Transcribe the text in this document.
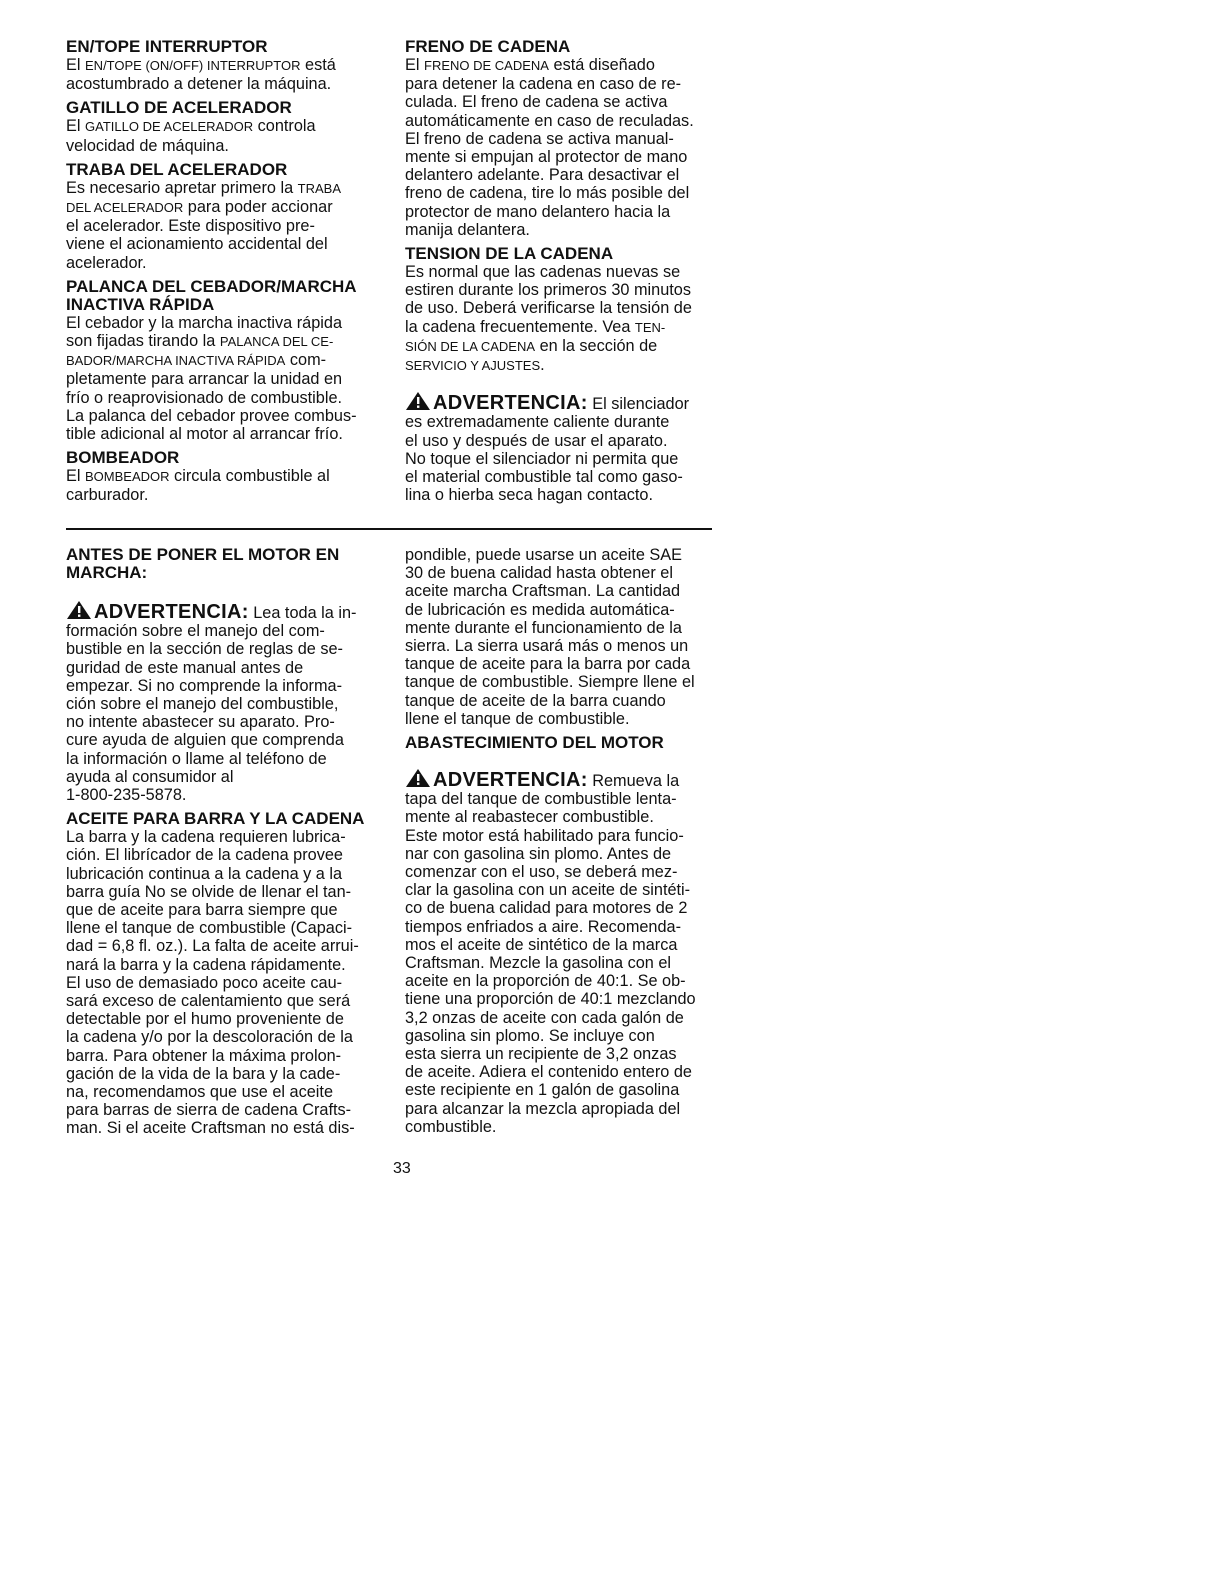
EN/TOPE INTERRUPTOR
El EN/TOPE (ON/OFF) INTERRUPTOR está
acostumbrado a detener la máquina.
GATILLO DE ACELERADOR
El GATILLO DE ACELERADOR controla
velocidad de máquina.
TRABA DEL ACELERADOR
Es necesario apretar primero la TRABA
DEL ACELERADOR para poder accionar
el acelerador. Este dispositivo pre-
viene el acionamiento accidental del
acelerador.
PALANCA DEL CEBADOR/MARCHA
INACTIVA RÁPIDA
El cebador y la marcha inactiva rápida
son fijadas tirando la PALANCA DEL CE-
BADOR/MARCHA INACTIVA RÁPIDA com-
pletamente para arrancar la unidad en
frío o reaprovisionado de combustible.
La palanca del cebador provee combus-
tible adicional al motor al arrancar frío.
BOMBEADOR
El BOMBEADOR circula combustible al
carburador.
FRENO DE CADENA
El FRENO DE CADENA está diseñado
para detener la cadena en caso de re-
culada. El freno de cadena se activa
automáticamente en caso de reculadas.
El freno de cadena se activa manual-
mente si empujan al protector de mano
delantero adelante. Para desactivar el
freno de cadena, tire lo más posible del
protector de mano delantero hacia la
manija delantera.
TENSION DE LA CADENA
Es normal que las cadenas nuevas se
estiren durante los primeros 30 minutos
de uso. Deberá verificarse la tensión de
la cadena frecuentemente. Vea TEN-
SIÓN DE LA CADENA en la sección de
SERVICIO Y AJUSTES.
ADVERTENCIA: El silenciador
es extremadamente caliente durante
el uso y después de usar el aparato.
No toque el silenciador ni permita que
el material combustible tal como gaso-
lina o hierba seca hagan contacto.
ANTES DE PONER EL MOTOR EN
MARCHA:
ADVERTENCIA: Lea toda la in-
formación sobre el manejo del com-
bustible en la sección de reglas de se-
guridad de este manual antes de
empezar. Si no comprende la informa-
ción sobre el manejo del combustible,
no intente abastecer su aparato. Pro-
cure ayuda de alguien que comprenda
la información o llame al teléfono de
ayuda al consumidor al
1-800-235-5878.
ACEITE PARA BARRA Y LA CADENA
La barra y la cadena requieren lubrica-
ción. El librícador de la cadena provee
lubricación continua a la cadena y a la
barra guía No se olvide de llenar el tan-
que de aceite para barra siempre que
llene el tanque de combustible (Capaci-
dad = 6,8 fl. oz.). La falta de aceite arrui-
nará la barra y la cadena rápidamente.
El uso de demasiado poco aceite cau-
sará exceso de calentamiento que será
detectable por el humo proveniente de
la cadena y/o por la descoloración de la
barra. Para obtener la máxima prolon-
gación de la vida de la bara y la cade-
na, recomendamos que use el aceite
para barras de sierra de cadena Crafts-
man. Si el aceite Craftsman no está dis-
pondible, puede usarse un aceite SAE
30 de buena calidad hasta obtener el
aceite marcha Craftsman. La cantidad
de lubricación es medida automática-
mente durante el funcionamiento de la
sierra. La sierra usará más o menos un
tanque de aceite para la barra por cada
tanque de combustible. Siempre llene el
tanque de aceite de la barra cuando
llene el tanque de combustible.
ABASTECIMIENTO DEL MOTOR
ADVERTENCIA: Remueva la
tapa del tanque de combustible lenta-
mente al reabastecer combustible.
Este motor está habilitado para funcio-
nar con gasolina sin plomo. Antes de
comenzar con el uso, se deberá mez-
clar la gasolina con un aceite de sintéti-
co de buena calidad para motores de 2
tiempos enfriados a aire. Recomenda-
mos el aceite de sintético de la marca
Craftsman. Mezcle la gasolina con el
aceite en la proporción de 40:1. Se ob-
tiene una proporción de 40:1 mezclando
3,2 onzas de aceite con cada galón de
gasolina sin plomo. Se incluye con
esta sierra un recipiente de 3,2 onzas
de aceite. Adiera el contenido entero de
este recipiente en 1 galón de gasolina
para alcanzar la mezcla apropiada del
combustible.
33
